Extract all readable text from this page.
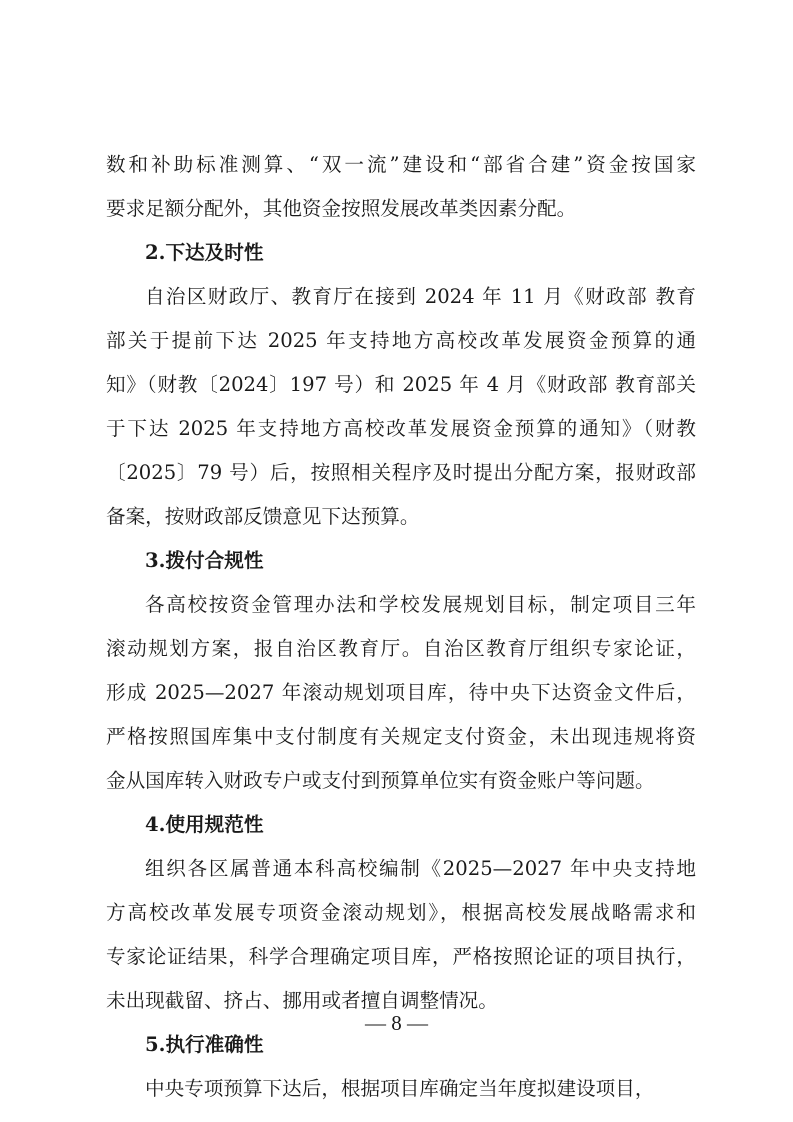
数和补助标准测算、“双一流”建设和“部省合建”资金按国家
要求足额分配外，其他资金按照发展改革类因素分配。
2.下达及时性
自治区财政厅、教育厅在接到 2024 年 11 月《财政部 教育
部关于提前下达 2025 年支持地方高校改革发展资金预算的通
知》（财教〔2024〕197 号）和 2025 年 4 月《财政部 教育部关
于下达 2025 年支持地方高校改革发展资金预算的通知》（财教
〔2025〕79 号）后，按照相关程序及时提出分配方案，报财政部
备案，按财政部反馈意见下达预算。
3.拨付合规性
各高校按资金管理办法和学校发展规划目标，制定项目三年
滚动规划方案，报自治区教育厅。自治区教育厅组织专家论证，
形成 2025—2027 年滚动规划项目库，待中央下达资金文件后，
严格按照国库集中支付制度有关规定支付资金，未出现违规将资
金从国库转入财政专户或支付到预算单位实有资金账户等问题。
4.使用规范性
组织各区属普通本科高校编制《2025—2027 年中央支持地
方高校改革发展专项资金滚动规划》，根据高校发展战略需求和
专家论证结果，科学合理确定项目库，严格按照论证的项目执行，
未出现截留、挤占、挪用或者擅自调整情况。
5.执行准确性
中央专项预算下达后，根据项目库确定当年度拟建设项目，
— 8 —
